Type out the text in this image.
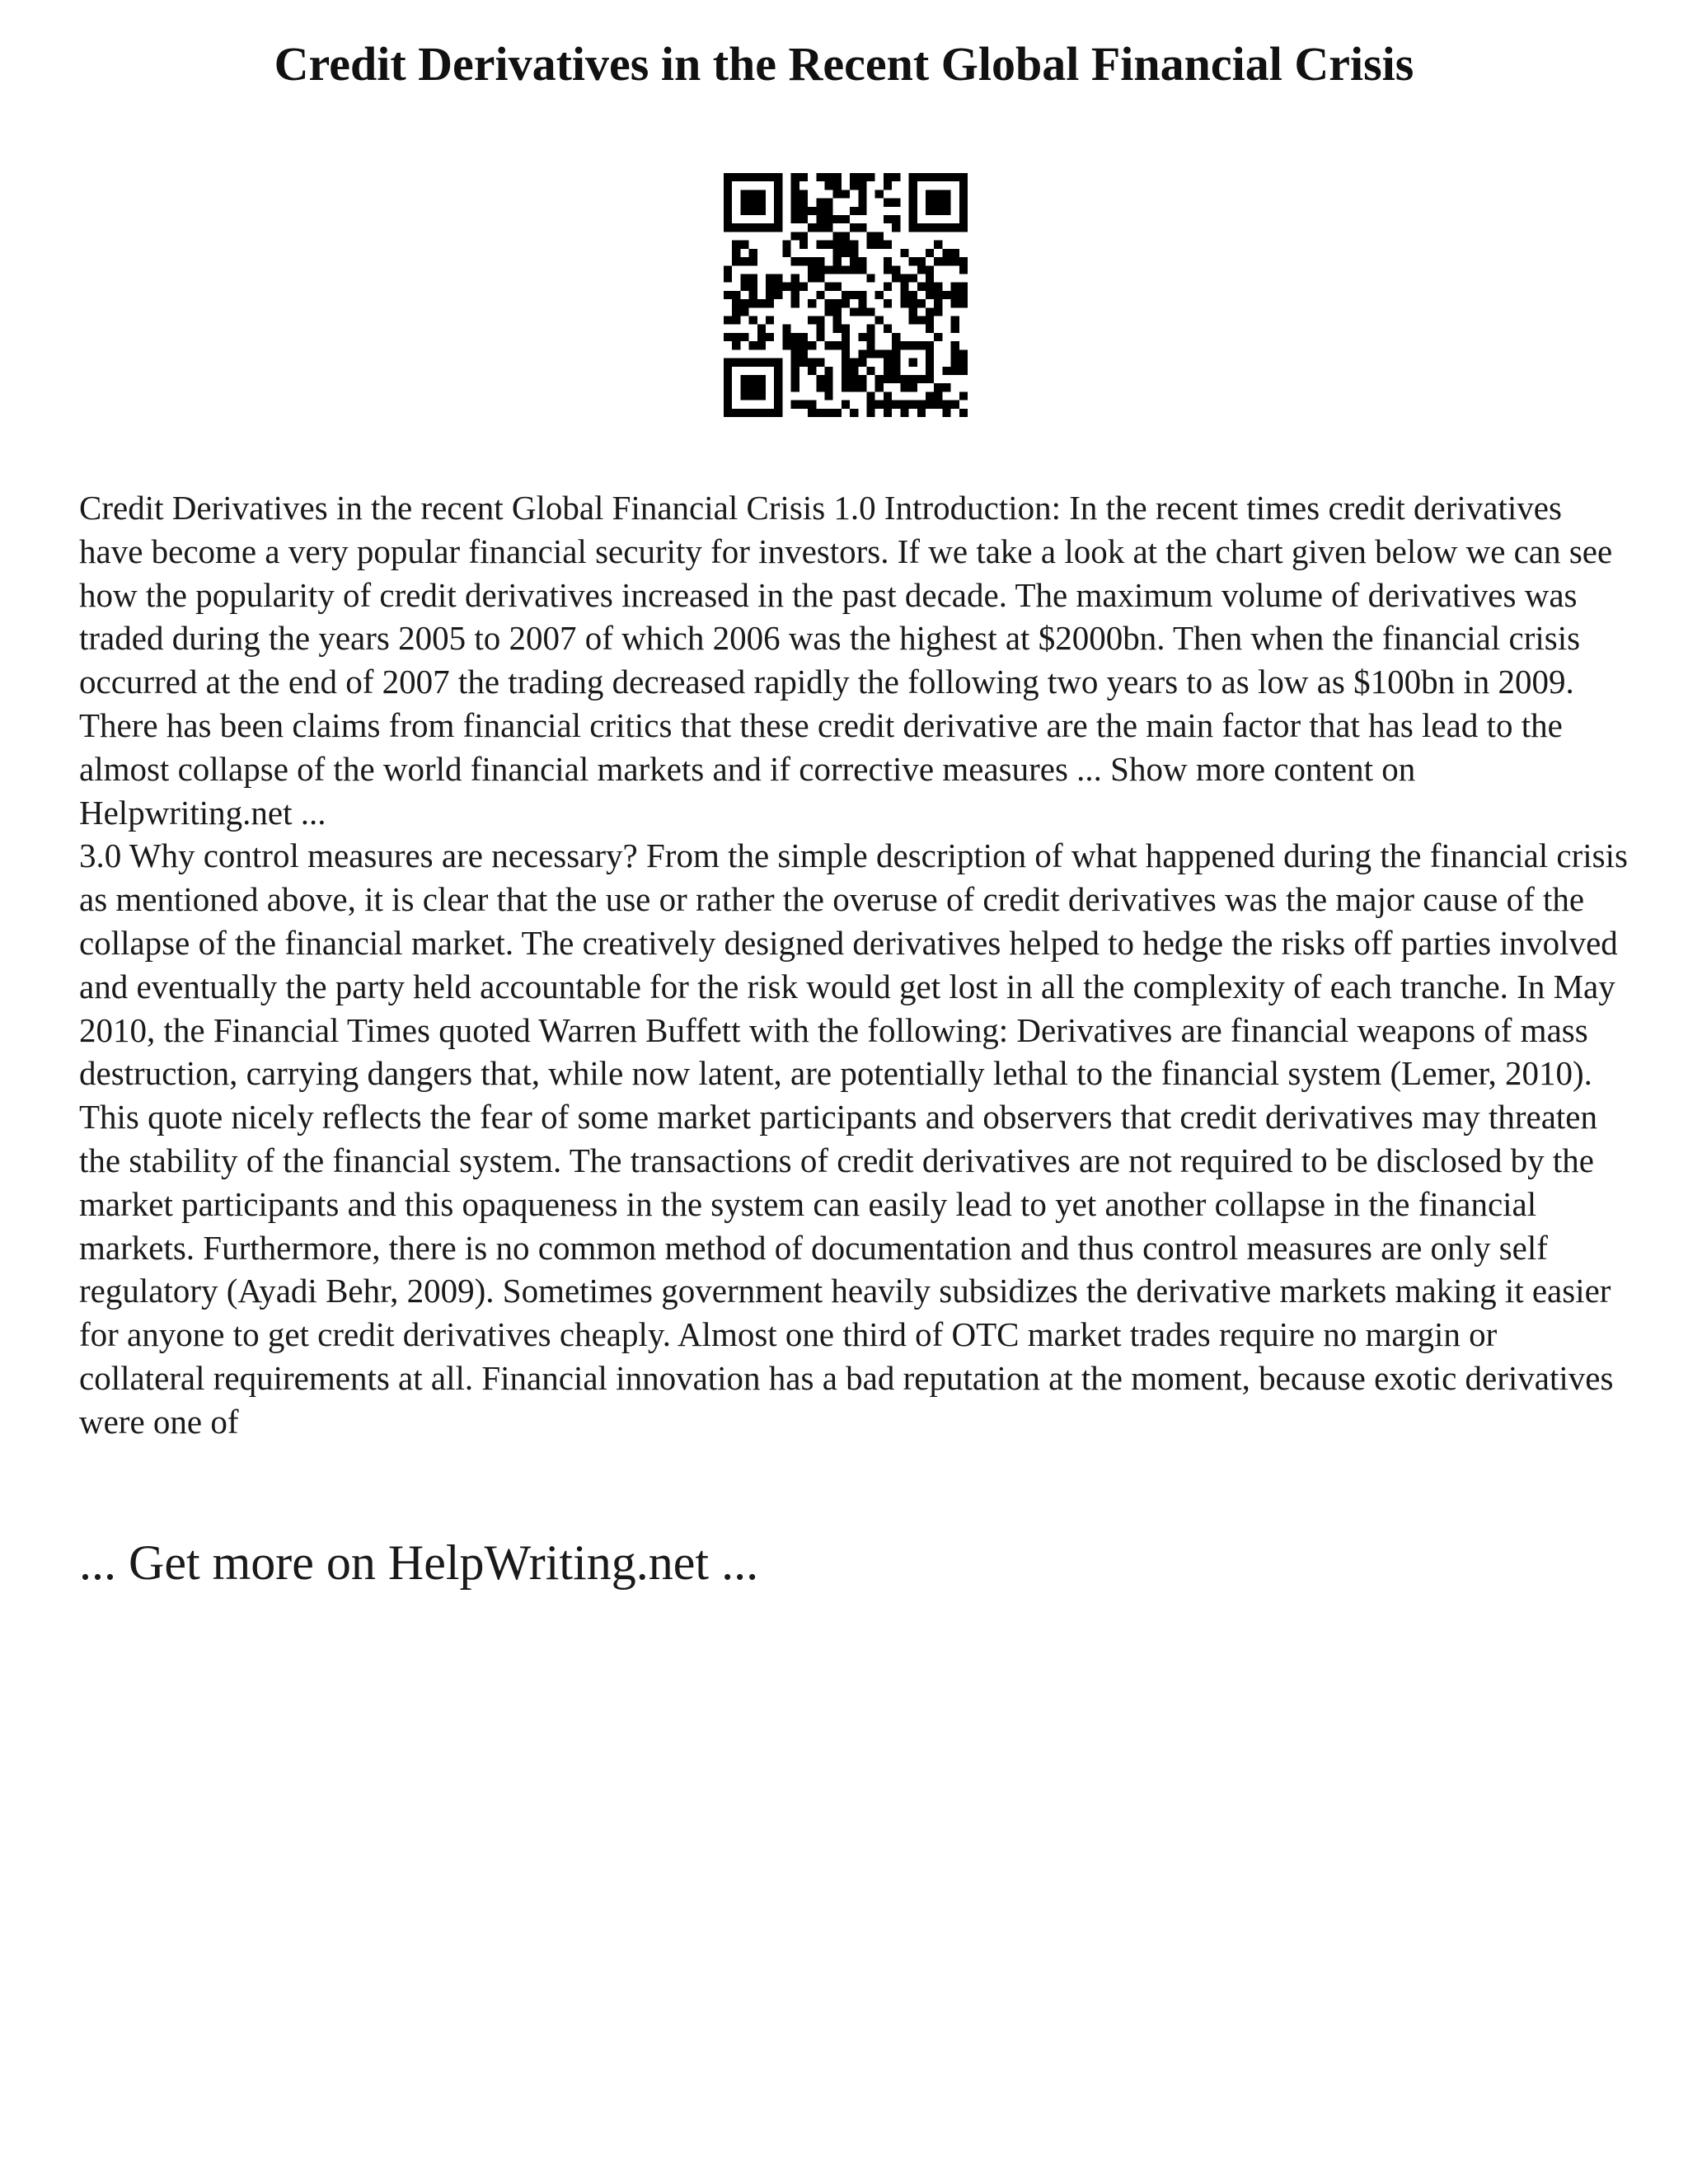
Credit Derivatives in the Recent Global Financial Crisis

Credit Derivatives in the recent Global Financial Crisis 1.0 Introduction: In the recent times credit derivatives have become a very popular financial security for investors. If we take a look at the chart given below we can see how the popularity of credit derivatives increased in the past decade. The maximum volume of derivatives was traded during the years 2005 to 2007 of which 2006 was the highest at $2000bn. Then when the financial crisis occurred at the end of 2007 the trading decreased rapidly the following two years to as low as $100bn in 2009. There has been claims from financial critics that these credit derivative are the main factor that has lead to the almost collapse of the world financial markets and if corrective measures ... Show more content on Helpwriting.net ...

3.0 Why control measures are necessary? From the simple description of what happened during the financial crisis as mentioned above, it is clear that the use or rather the overuse of credit derivatives was the major cause of the collapse of the financial market. The creatively designed derivatives helped to hedge the risks off parties involved and eventually the party held accountable for the risk would get lost in all the complexity of each tranche. In May 2010, the Financial Times quoted Warren Buffett with the following: Derivatives are financial weapons of mass destruction, carrying dangers that, while now latent, are potentially lethal to the financial system (Lemer, 2010). This quote nicely reflects the fear of some market participants and observers that credit derivatives may threaten the stability of the financial system. The transactions of credit derivatives are not required to be disclosed by the market participants and this opaqueness in the system can easily lead to yet another collapse in the financial markets. Furthermore, there is no common method of documentation and thus control measures are only self regulatory (Ayadi Behr, 2009). Sometimes government heavily subsidizes the derivative markets making it easier for anyone to get credit derivatives cheaply. Almost one third of OTC market trades require no margin or collateral requirements at all. Financial innovation has a bad reputation at the moment, because exotic derivatives were one of

... Get more on HelpWriting.net ...
